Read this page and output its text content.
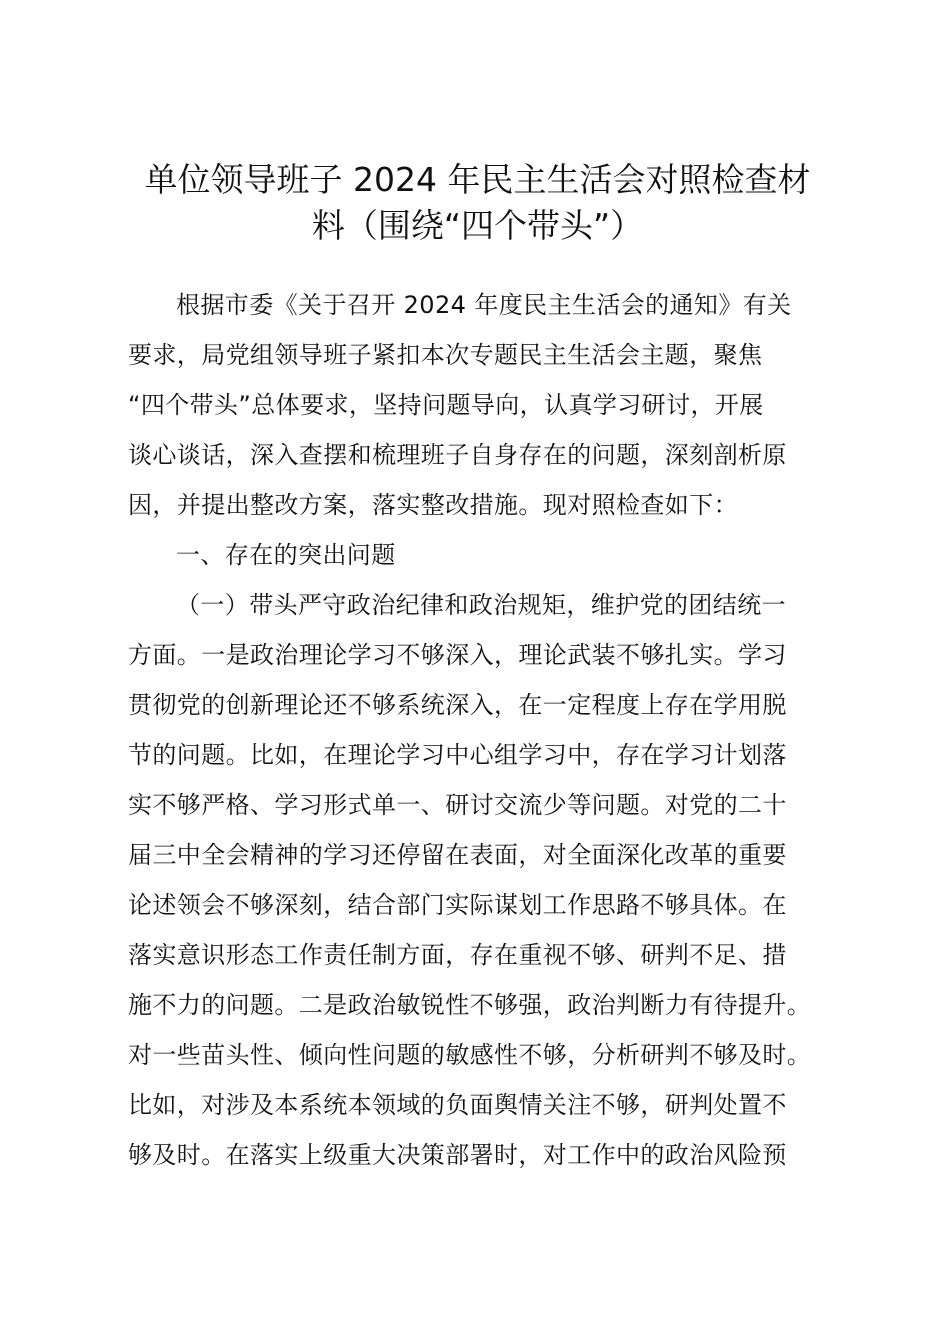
单位领导班子 2024 年民主生活会对照检查材
料（围绕“四个带头”）
根据市委《关于召开 2024 年度民主生活会的通知》有关
要求，局党组领导班子紧扣本次专题民主生活会主题，聚焦
“四个带头”总体要求，坚持问题导向，认真学习研讨，开展
谈心谈话，深入查摆和梳理班子自身存在的问题，深刻剖析原
因，并提出整改方案，落实整改措施。现对照检查如下：
一、存在的突出问题
（一）带头严守政治纪律和政治规矩，维护党的团结统一
方面。一是政治理论学习不够深入，理论武装不够扎实。学习
贯彻党的创新理论还不够系统深入，在一定程度上存在学用脱
节的问题。比如，在理论学习中心组学习中，存在学习计划落
实不够严格、学习形式单一、研讨交流少等问题。对党的二十
届三中全会精神的学习还停留在表面，对全面深化改革的重要
论述领会不够深刻，结合部门实际谋划工作思路不够具体。在
落实意识形态工作责任制方面，存在重视不够、研判不足、措
施不力的问题。二是政治敏锐性不够强，政治判断力有待提升。
对一些苗头性、倾向性问题的敏感性不够，分析研判不够及时。
比如，对涉及本系统本领域的负面舆情关注不够，研判处置不
够及时。在落实上级重大决策部署时，对工作中的政治风险预
